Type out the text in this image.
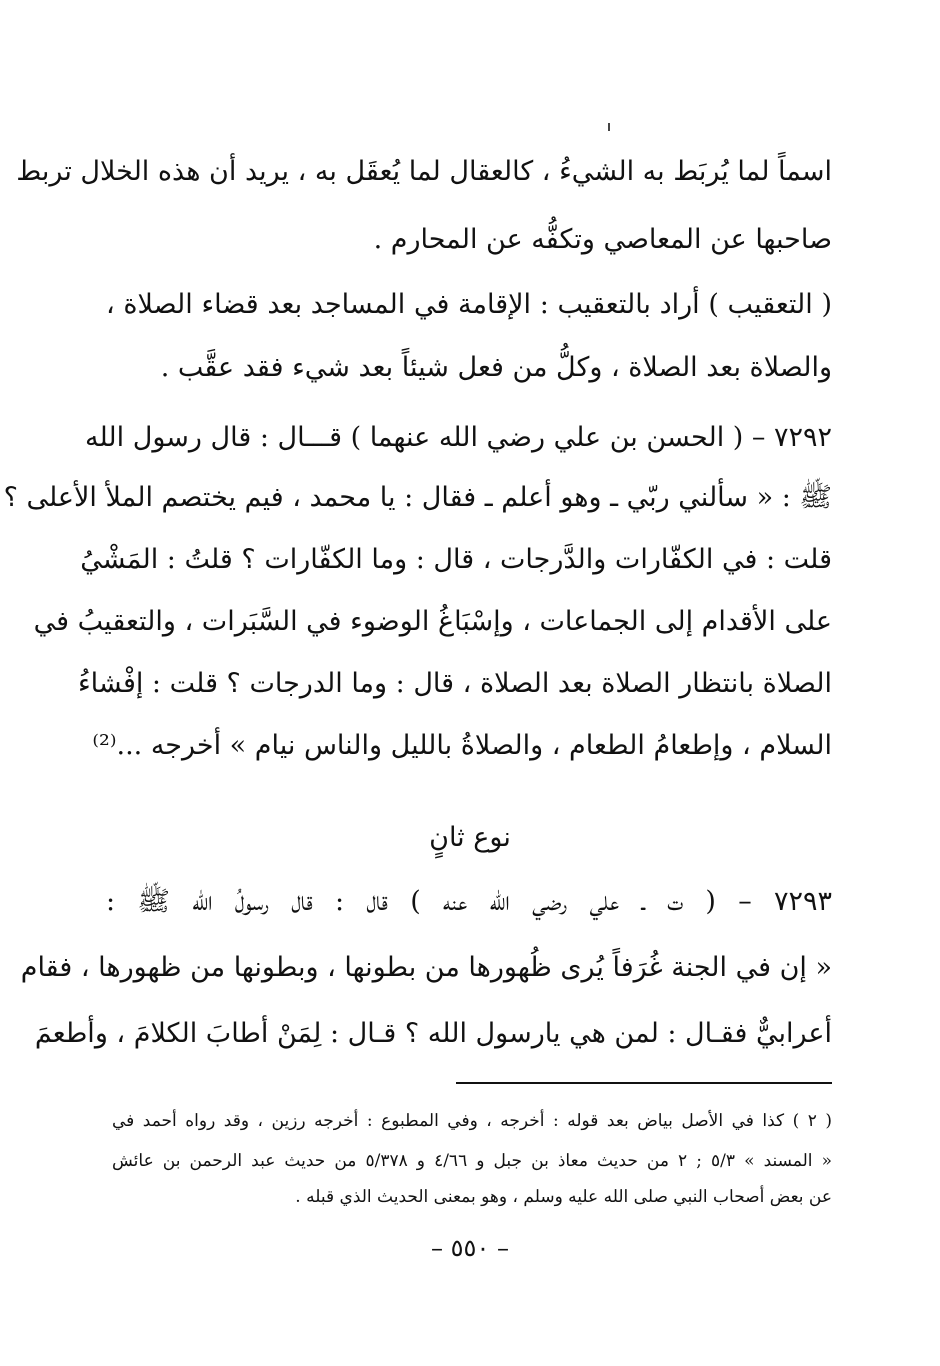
اسماً لما يُربَط به الشيءُ ، كالعقال لما يُعقَل به ، يريد أن هذه الخلال تربط
صاحبها عن المعاصي وتكفُّه عن المحارم .
( التعقيب ) أراد بالتعقيب : الإقامة في المساجد بعد قضاء الصلاة ،
والصلاة بعد الصلاة ، وكلُّ من فعل شيئاً بعد شيء فقد عقَّب .
٧٢٩٢ – ( الحسن بن علي رضي الله عنهما ) قـــال : قال رسول الله
ﷺ : « سألني ربّي ـ وهو أعلم ـ فقال : يا محمد ، فيم يختصم الملأ الأعلى ؟
قلت : في الكفّارات والدَّرجات ، قال : وما الكفّارات ؟ قلتُ : المَشْيُ
على الأقدام إلى الجماعات ، وإسْبَاغُ الوضوء في السَّبَرات ، والتعقيبُ في
الصلاة بانتظار الصلاة بعد الصلاة ، قال : وما الدرجات ؟ قلت : إفْشاءُ
السلام ، وإطعامُ الطعام ، والصلاةُ بالليل والناس نيام » أخرجه ...⁽²⁾
نوع ثانٍ
٧٢٩٣ – ( ت ـ علي رضي الله عنه ) قال : قال رسولُ الله ﷺ :
« إن في الجنة غُرَفاً يُرى ظُهورها من بطونها ، وبطونها من ظهورها ، فقام
أعرابيٌّ فقـال : لمن هي يارسول الله ؟ قـال : لِمَنْ أطابَ الكلامَ ، وأطعمَ
( ٢ ) كذا في الأصل بياض بعد قوله : أخرجه ، وفي المطبوع : أخرجه رزين ، وقد رواه أحمد في
« المسند » ٥/٣ ; ٢ من حديث معاذ بن جبل و ٤/٦٦ و ٥/٣٧٨ من حديث عبد الرحمن بن عائش
عن بعض أصحاب النبي صلى الله عليه وسلم ، وهو بمعنى الحديث الذي قبله .
– ٥٥٠ –
